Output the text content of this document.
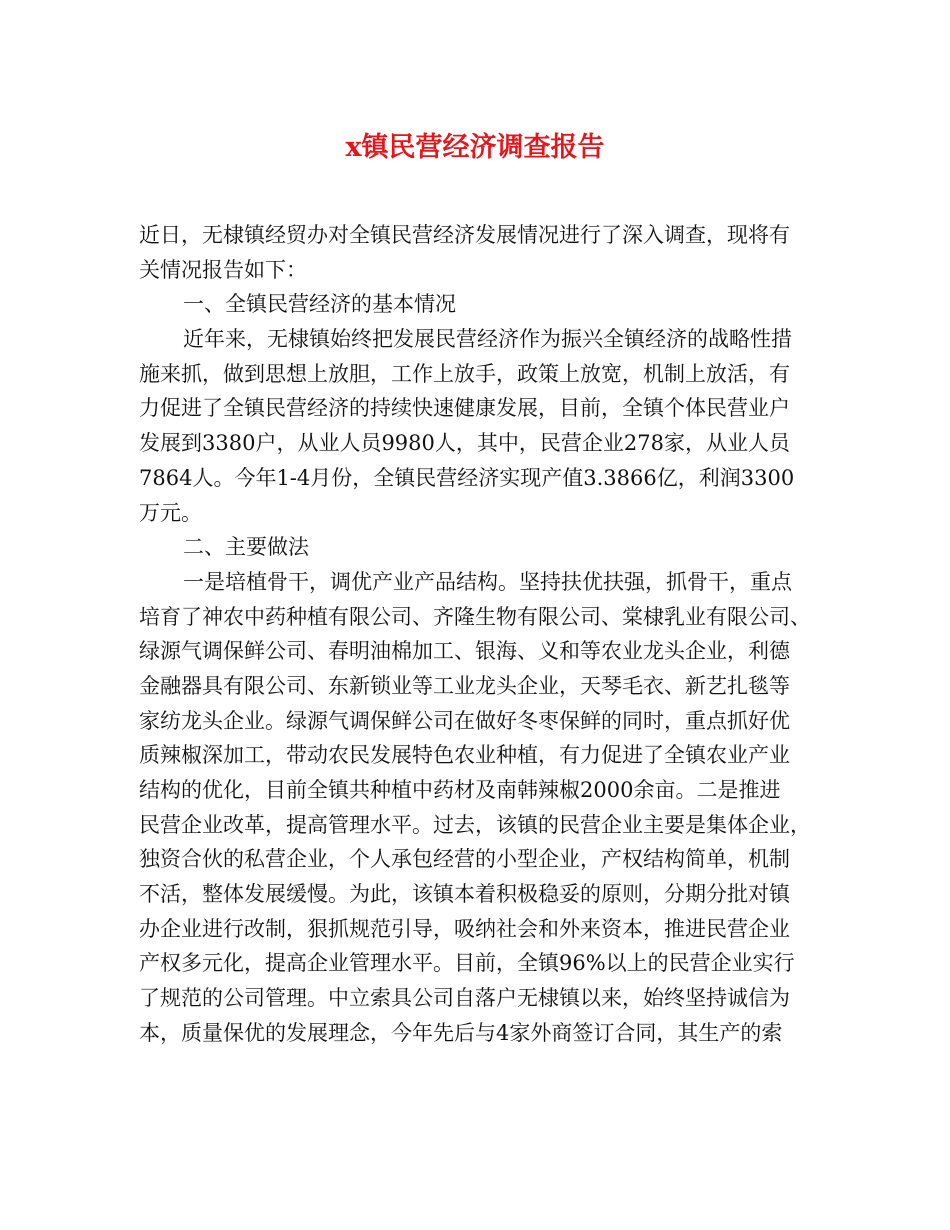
x镇民营经济调查报告
近日，无棣镇经贸办对全镇民营经济发展情况进行了深入调查，现将有
关情况报告如下：
一、全镇民营经济的基本情况
近年来，无棣镇始终把发展民营经济作为振兴全镇经济的战略性措
施来抓，做到思想上放胆，工作上放手，政策上放宽，机制上放活，有
力促进了全镇民营经济的持续快速健康发展，目前，全镇个体民营业户
发展到3380户，从业人员9980人，其中，民营企业278家，从业人员
7864人。今年1-4月份，全镇民营经济实现产值3.3866亿，利润3300
万元。
二、主要做法
一是培植骨干，调优产业产品结构。坚持扶优扶强，抓骨干，重点
培育了神农中药种植有限公司、齐隆生物有限公司、棠棣乳业有限公司、
绿源气调保鲜公司、春明油棉加工、银海、义和等农业龙头企业，利德
金融器具有限公司、东新锁业等工业龙头企业，天琴毛衣、新艺扎毯等
家纺龙头企业。绿源气调保鲜公司在做好冬枣保鲜的同时，重点抓好优
质辣椒深加工，带动农民发展特色农业种植，有力促进了全镇农业产业
结构的优化，目前全镇共种植中药材及南韩辣椒2000余亩。二是推进
民营企业改革，提高管理水平。过去，该镇的民营企业主要是集体企业，
独资合伙的私营企业，个人承包经营的小型企业，产权结构简单，机制
不活，整体发展缓慢。为此，该镇本着积极稳妥的原则，分期分批对镇
办企业进行改制，狠抓规范引导，吸纳社会和外来资本，推进民营企业
产权多元化，提高企业管理水平。目前，全镇96%以上的民营企业实行
了规范的公司管理。中立索具公司自落户无棣镇以来，始终坚持诚信为
本，质量保优的发展理念，今年先后与4家外商签订合同，其生产的索
